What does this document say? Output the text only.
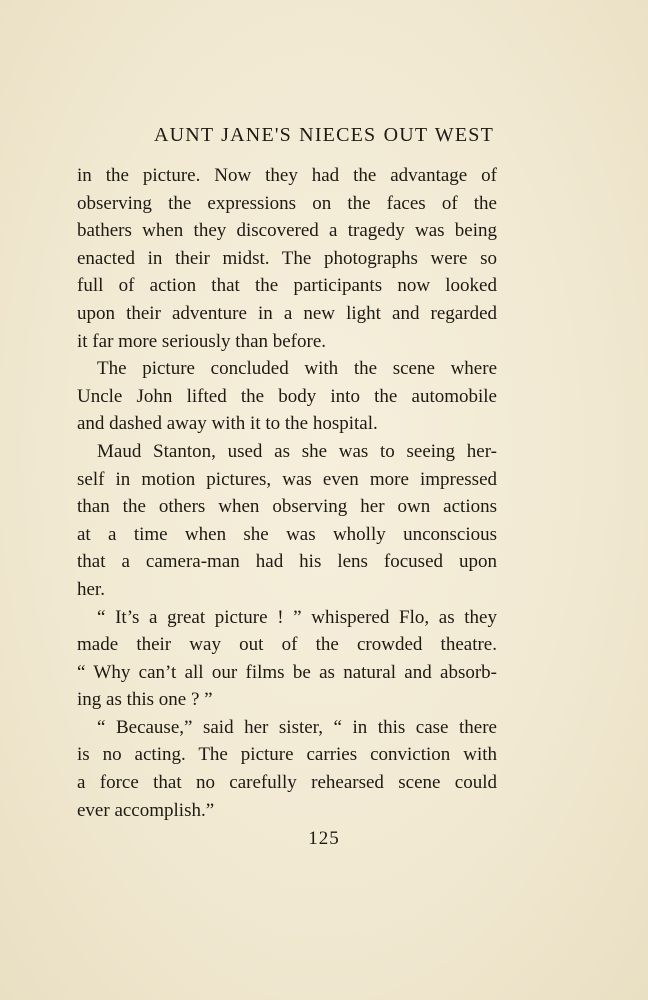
AUNT JANE'S NIECES OUT WEST
in the picture. Now they had the advantage of
observing the expressions on the faces of the
bathers when they discovered a tragedy was being
enacted in their midst. The photographs were so
full of action that the participants now looked
upon their adventure in a new light and regarded
it far more seriously than before.
The picture concluded with the scene where
Uncle John lifted the body into the automobile
and dashed away with it to the hospital.
Maud Stanton, used as she was to seeing her-
self in motion pictures, was even more impressed
than the others when observing her own actions
at a time when she was wholly unconscious
that a camera-man had his lens focused upon
her.
“ It’s a great picture ! ” whispered Flo, as they
made their way out of the crowded theatre.
“ Why can’t all our films be as natural and absorb-
ing as this one ? ”
“ Because,” said her sister, “ in this case there
is no acting. The picture carries conviction with
a force that no carefully rehearsed scene could
ever accomplish.”
125
